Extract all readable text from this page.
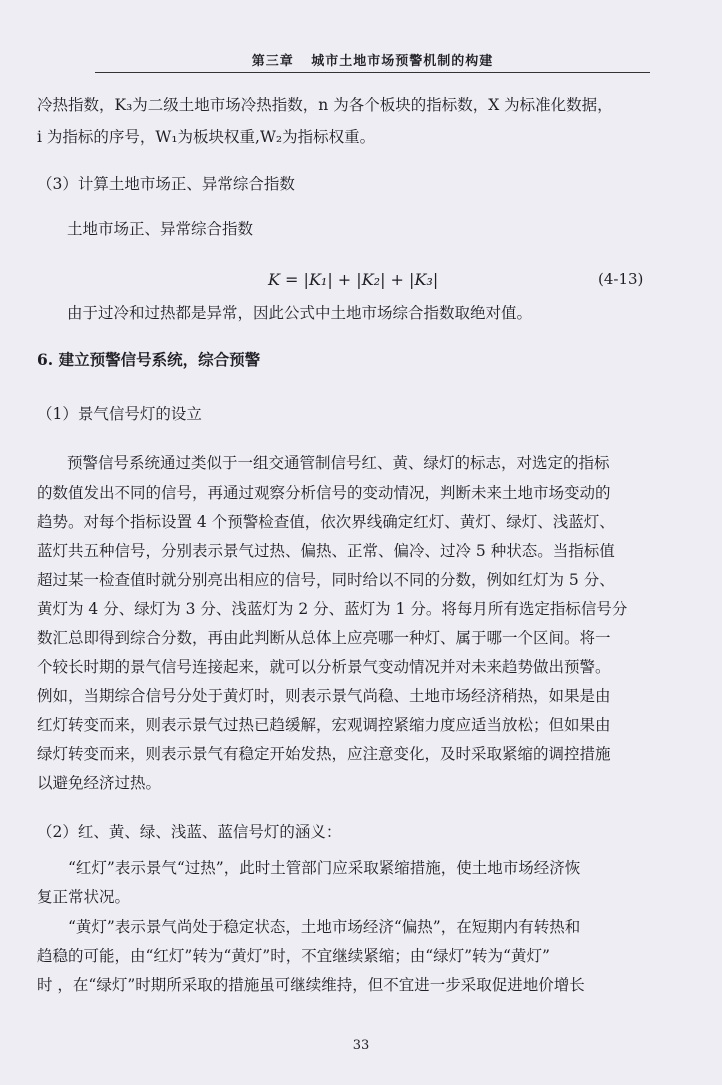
第三章 城市土地市场预警机制的构建
冷热指数，K₃为二级土地市场冷热指数，n 为各个板块的指标数，X 为标准化数据，
i 为指标的序号，W₁为板块权重,W₂为指标权重。
（3）计算土地市场正、异常综合指数
土地市场正、异常综合指数
K = |K₁| + |K₂| + |K₃|	(4-13)
由于过冷和过热都是异常，因此公式中土地市场综合指数取绝对值。
6. 建立预警信号系统，综合预警
（1）景气信号灯的设立
预警信号系统通过类似于一组交通管制信号红、黄、绿灯的标志，对选定的指标
的数值发出不同的信号，再通过观察分析信号的变动情况，判断未来土地市场变动的
趋势。对每个指标设置 4 个预警检查值，依次界线确定红灯、黄灯、绿灯、浅蓝灯、
蓝灯共五种信号，分别表示景气过热、偏热、正常、偏冷、过冷 5 种状态。当指标值
超过某一检查值时就分别亮出相应的信号，同时给以不同的分数，例如红灯为 5 分、
黄灯为 4 分、绿灯为 3 分、浅蓝灯为 2 分、蓝灯为 1 分。将每月所有选定指标信号分
数汇总即得到综合分数，再由此判断从总体上应亮哪一种灯、属于哪一个区间。将一
个较长时期的景气信号连接起来，就可以分析景气变动情况并对未来趋势做出预警。
例如，当期综合信号分处于黄灯时，则表示景气尚稳、土地市场经济稍热，如果是由
红灯转变而来，则表示景气过热已趋缓解，宏观调控紧缩力度应适当放松；但如果由
绿灯转变而来，则表示景气有稳定开始发热，应注意变化，及时采取紧缩的调控措施
以避免经济过热。
（2）红、黄、绿、浅蓝、蓝信号灯的涵义：
“红灯”表示景气“过热”，此时土管部门应采取紧缩措施，使土地市场经济恢
复正常状况。
“黄灯”表示景气尚处于稳定状态，土地市场经济“偏热”，在短期内有转热和
趋稳的可能，由“红灯”转为“黄灯”时，不宜继续紧缩；由“绿灯”转为“黄灯”
时 ，在“绿灯”时期所采取的措施虽可继续维持，但不宜进一步采取促进地价增长
33
